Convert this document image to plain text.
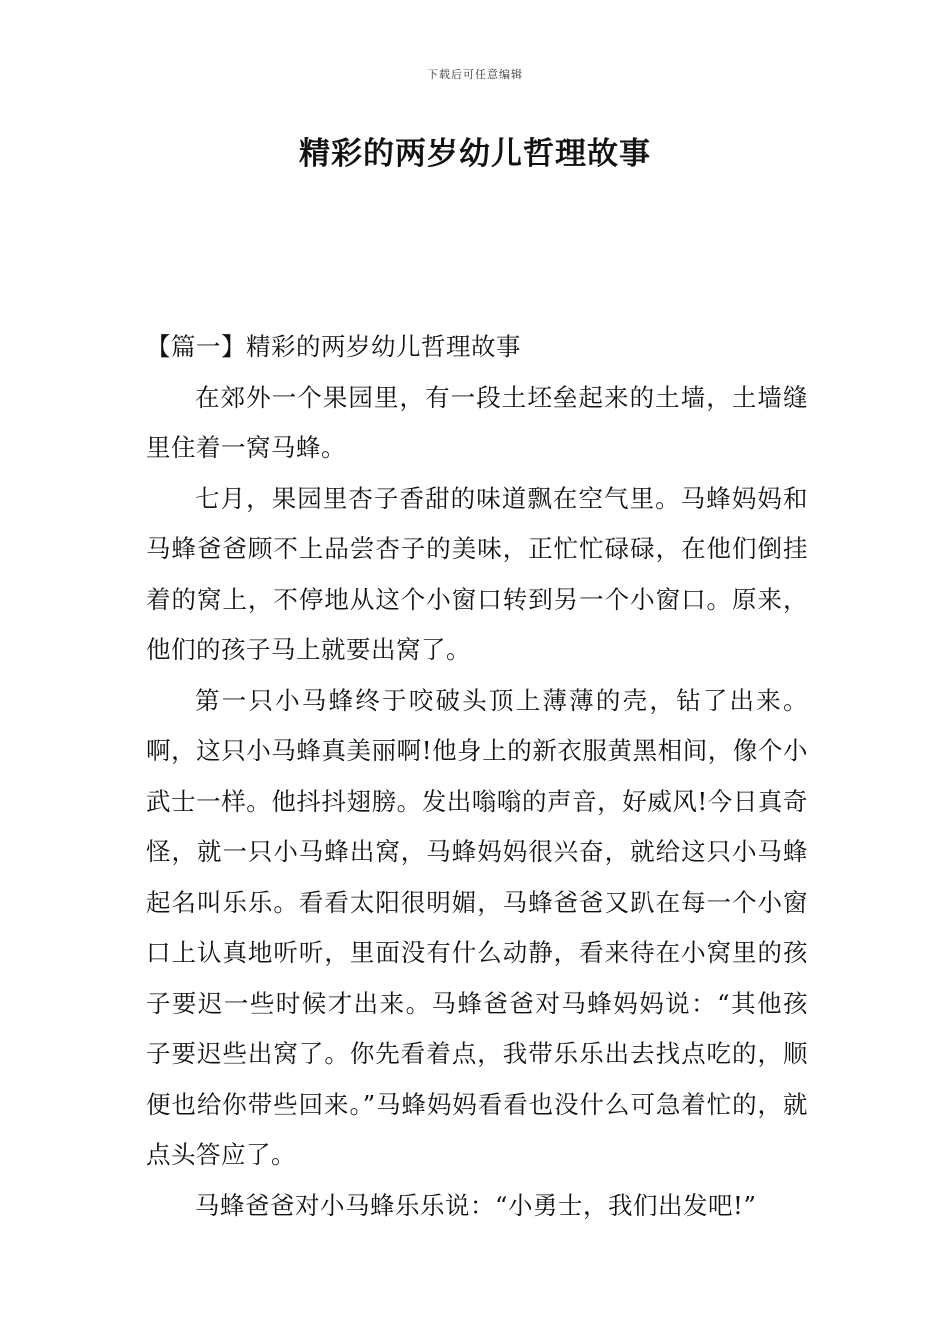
下载后可任意编辑
精彩的两岁幼儿哲理故事

【篇一】精彩的两岁幼儿哲理故事

在郊外一个果园里，有一段土坯垒起来的土墙，土墙缝里住着一窝马蜂。

七月，果园里杏子香甜的味道飘在空气里。马蜂妈妈和马蜂爸爸顾不上品尝杏子的美味，正忙忙碌碌，在他们倒挂着的窝上，不停地从这个小窗口转到另一个小窗口。原来，他们的孩子马上就要出窝了。

第一只小马蜂终于咬破头顶上薄薄的壳，钻了出来。啊，这只小马蜂真美丽啊!他身上的新衣服黄黑相间，像个小武士一样。他抖抖翅膀。发出嗡嗡的声音，好威风!今日真奇怪，就一只小马蜂出窝，马蜂妈妈很兴奋，就给这只小马蜂起名叫乐乐。看看太阳很明媚，马蜂爸爸又趴在每一个小窗口上认真地听听，里面没有什么动静，看来待在小窝里的孩子要迟一些时候才出来。马蜂爸爸对马蜂妈妈说：“其他孩子要迟些出窝了。你先看着点，我带乐乐出去找点吃的，顺便也给你带些回来。”马蜂妈妈看看也没什么可急着忙的，就点头答应了。

马蜂爸爸对小马蜂乐乐说：“小勇士，我们出发吧!”
